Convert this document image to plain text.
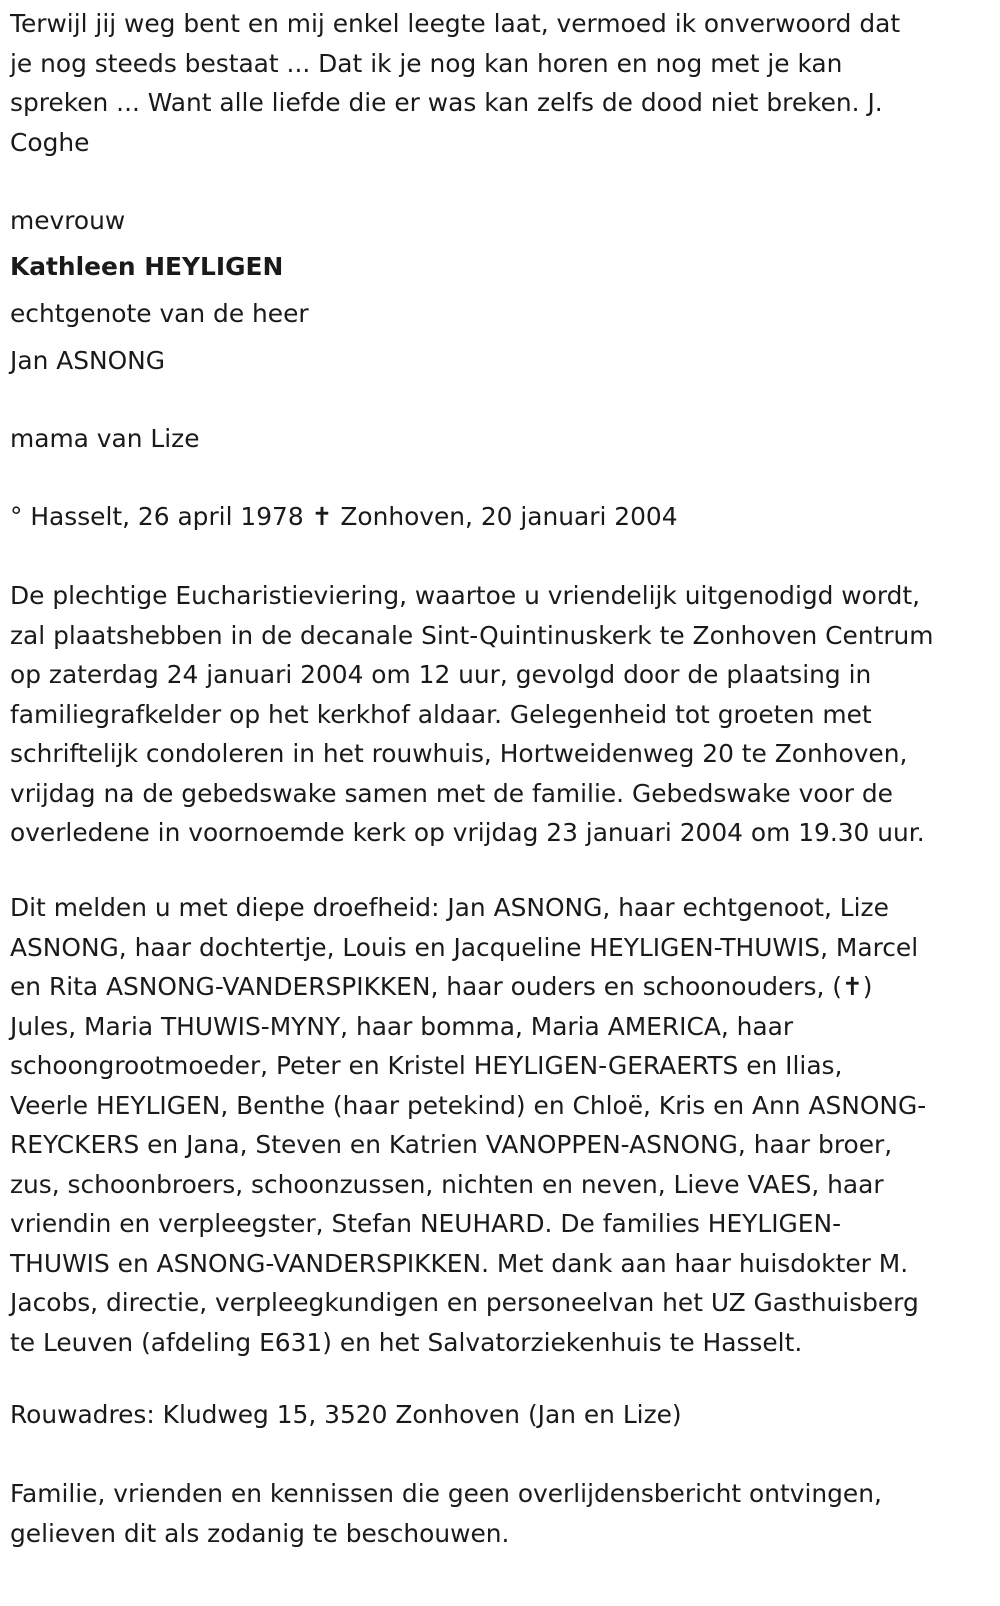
Terwijl jij weg bent en mij enkel leegte laat, vermoed ik onverwoord dat
je nog steeds bestaat ... Dat ik je nog kan horen en nog met je kan
spreken ... Want alle liefde die er was kan zelfs de dood niet breken. J.
Coghe
mevrouw
Kathleen HEYLIGEN
echtgenote van de heer
Jan ASNONG
mama van Lize
° Hasselt, 26 april 1978 ✝ Zonhoven, 20 januari 2004
De plechtige Eucharistieviering, waartoe u vriendelijk uitgenodigd wordt,
zal plaatshebben in de decanale Sint-Quintinuskerk te Zonhoven Centrum
op zaterdag 24 januari 2004 om 12 uur, gevolgd door de plaatsing in
familiegrafkelder op het kerkhof aldaar. Gelegenheid tot groeten met
schriftelijk condoleren in het rouwhuis, Hortweidenweg 20 te Zonhoven,
vrijdag na de gebedswake samen met de familie. Gebedswake voor de
overledene in voornoemde kerk op vrijdag 23 januari 2004 om 19.30 uur.
Dit melden u met diepe droefheid: Jan ASNONG, haar echtgenoot, Lize
ASNONG, haar dochtertje, Louis en Jacqueline HEYLIGEN-THUWIS, Marcel
en Rita ASNONG-VANDERSPIKKEN, haar ouders en schoonouders, (✝)
Jules, Maria THUWIS-MYNY, haar bomma, Maria AMERICA, haar
schoongrootmoeder, Peter en Kristel HEYLIGEN-GERAERTS en Ilias,
Veerle HEYLIGEN, Benthe (haar petekind) en Chloë, Kris en Ann ASNONG-
REYCKERS en Jana, Steven en Katrien VANOPPEN-ASNONG, haar broer,
zus, schoonbroers, schoonzussen, nichten en neven, Lieve VAES, haar
vriendin en verpleegster, Stefan NEUHARD. De families HEYLIGEN-
THUWIS en ASNONG-VANDERSPIKKEN. Met dank aan haar huisdokter M.
Jacobs, directie, verpleegkundigen en personeelvan het UZ Gasthuisberg
te Leuven (afdeling E631) en het Salvatorziekenhuis te Hasselt.
Rouwadres: Kludweg 15, 3520 Zonhoven (Jan en Lize)
Familie, vrienden en kennissen die geen overlijdensbericht ontvingen,
gelieven dit als zodanig te beschouwen.
